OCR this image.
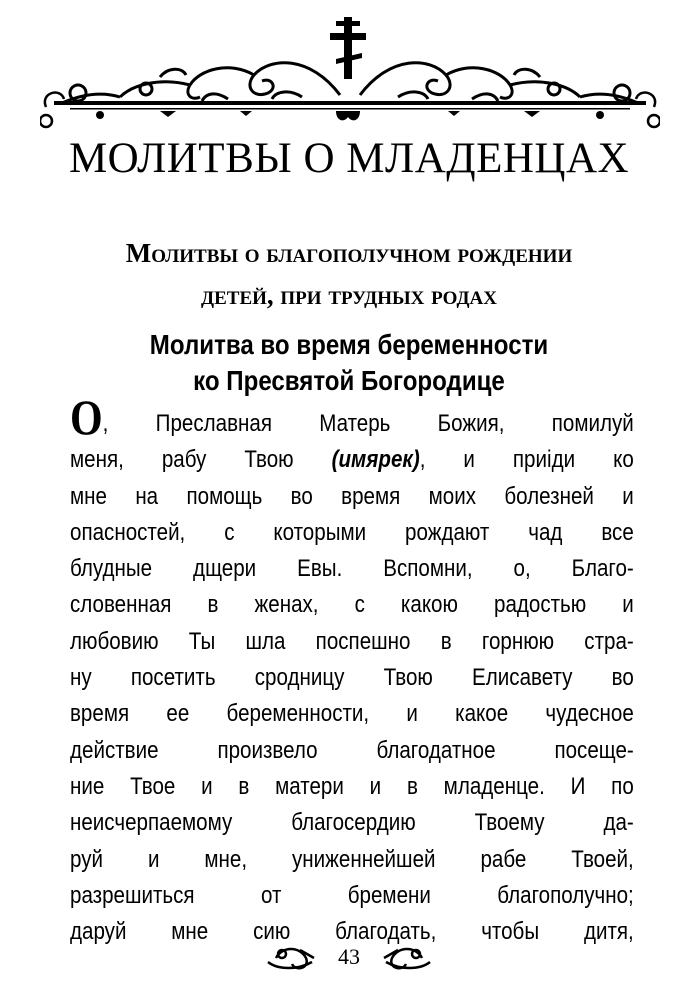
МОЛИТВЫ О МЛАДЕНЦАХ
Молитвы о благополучном рождении
детей, при трудных родах
Молитва во время беременности
ко Пресвятой Богородице
О, Преславная Матерь Божия, помилуй
меня, рабу Твою (имярек), и приiди ко
мне на помощь во время моих болезней и
опасностей, с которыми рождают чад все
блудные дщери Евы. Вспомни, о, Благо-
словенная в женах, с какою радостью и
любовию Ты шла поспешно в горнюю стра-
ну посетить сродницу Твою Елисавету во
время ее беременности, и какое чудесное
действие произвело благодатное посеще-
ние Твое и в матери и в младенце. И по
неисчерпаемому благосердию Твоему да-
руй и мне, униженнейшей рабе Твоей,
разрешиться от бремени благополучно;
даруй мне сию благодать, чтобы дитя,
43
